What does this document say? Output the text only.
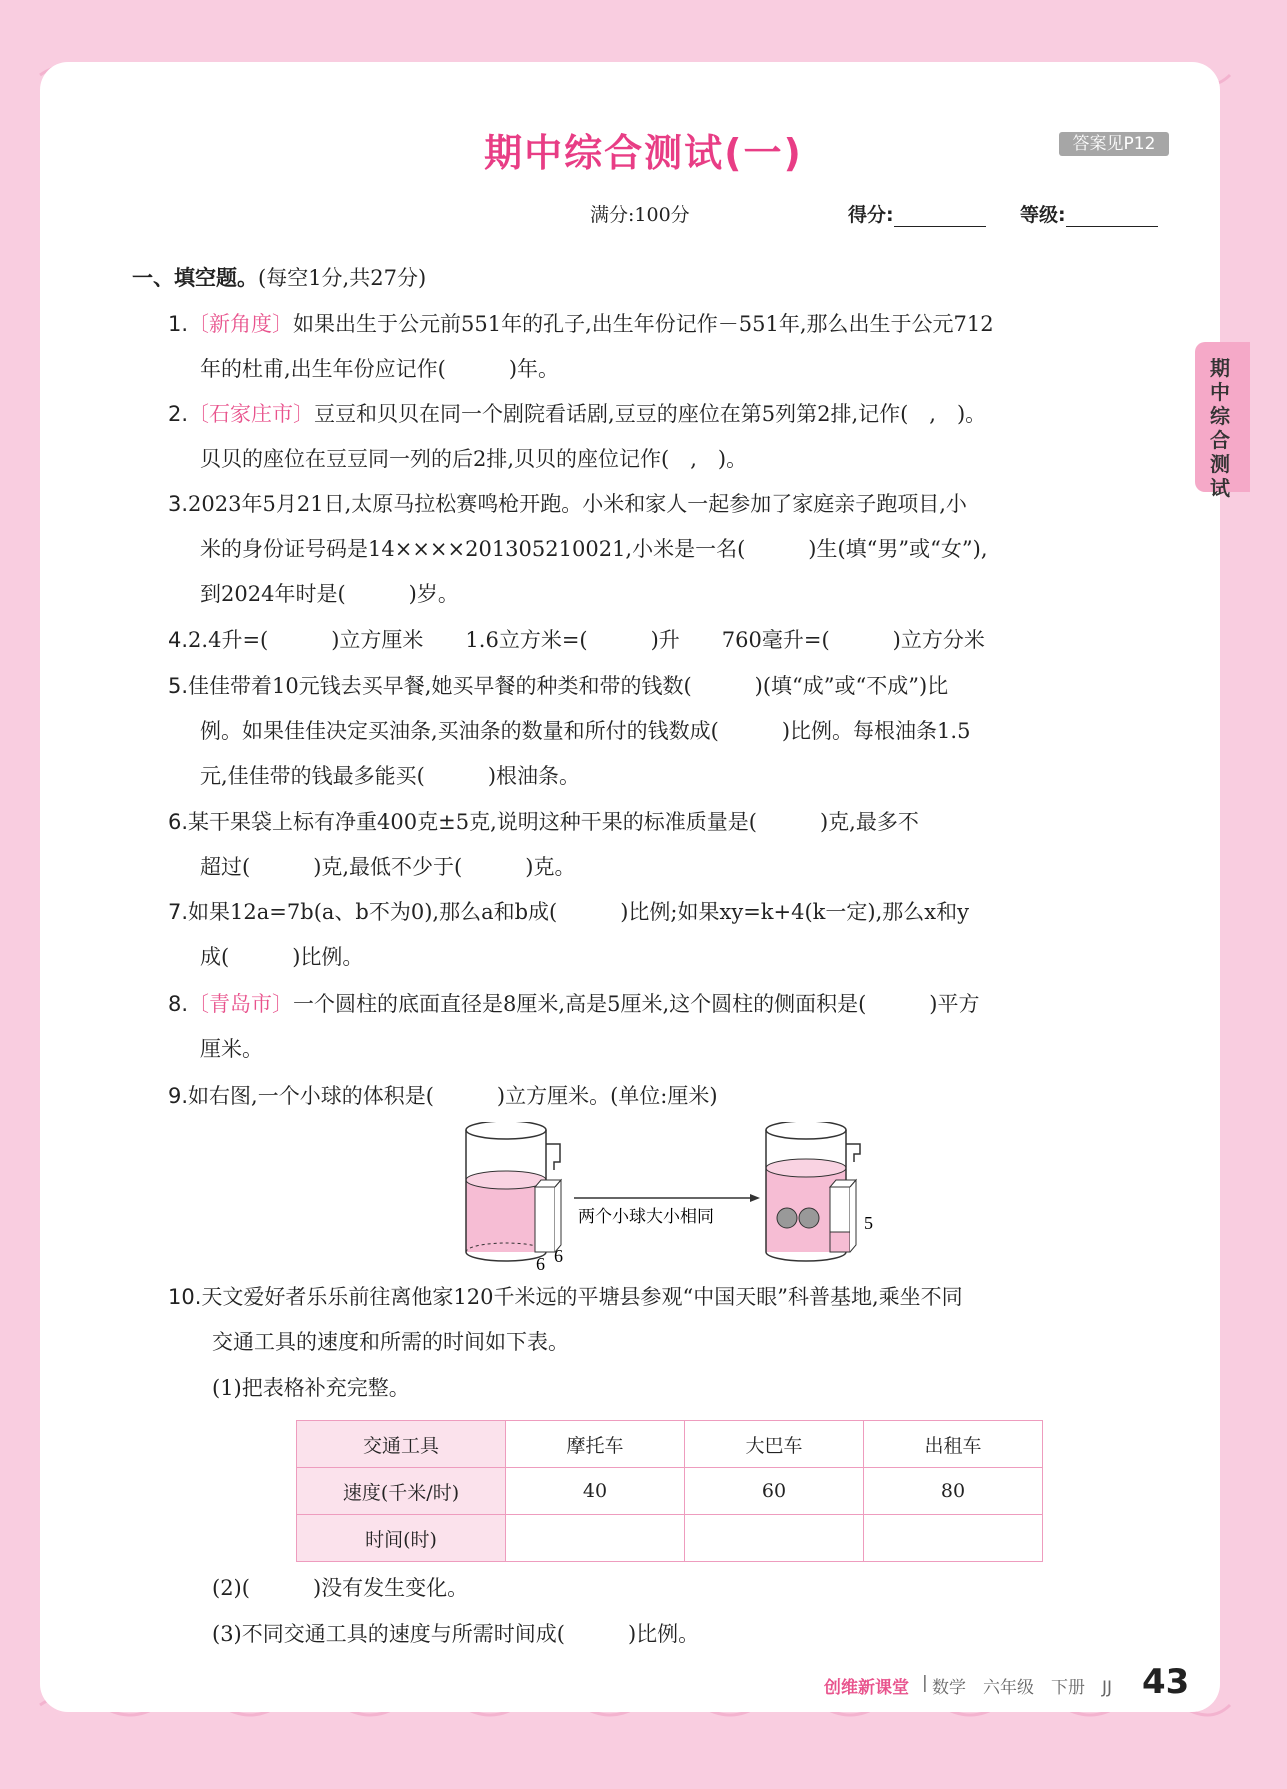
期中综合测试(一)	答案见P12
满分:100分	得分:	等级:
期中综合测试
一、填空题。(每空1分,共27分)
1.〔新角度〕如果出生于公元前551年的孔子,出生年份记作－551年,那么出生于公元712
年的杜甫,出生年份应记作(　　　)年。
2.〔石家庄市〕豆豆和贝贝在同一个剧院看话剧,豆豆的座位在第5列第2排,记作(　,　)。
贝贝的座位在豆豆同一列的后2排,贝贝的座位记作(　,　)。
3.2023年5月21日,太原马拉松赛鸣枪开跑。小米和家人一起参加了家庭亲子跑项目,小
米的身份证号码是14××××201305210021,小米是一名(　　　)生(填“男”或“女”),
到2024年时是(　　　)岁。
4.2.4升=(　　　)立方厘米　　1.6立方米=(　　　)升　　760毫升=(　　　)立方分米
5.佳佳带着10元钱去买早餐,她买早餐的种类和带的钱数(　　　)(填“成”或“不成”)比
例。如果佳佳决定买油条,买油条的数量和所付的钱数成(　　　)比例。每根油条1.5
元,佳佳带的钱最多能买(　　　)根油条。
6.某干果袋上标有净重400克±5克,说明这种干果的标准质量是(　　　)克,最多不
超过(　　　)克,最低不少于(　　　)克。
7.如果12a=7b(a、b不为0),那么a和b成(　　　)比例;如果xy=k+4(k一定),那么x和y
成(　　　)比例。
8.〔青岛市〕一个圆柱的底面直径是8厘米,高是5厘米,这个圆柱的侧面积是(　　　)平方
厘米。
9.如右图,一个小球的体积是(　　　)立方厘米。(单位:厘米)
6 6
两个小球大小相同	5
10.天文爱好者乐乐前往离他家120千米远的平塘县参观“中国天眼”科普基地,乘坐不同
交通工具的速度和所需的时间如下表。
(1)把表格补充完整。
交通工具	摩托车	大巴车	出租车
速度(千米/时)	40	60	80
时间(时)			
(2)(　　　)没有发生变化。
(3)不同交通工具的速度与所需时间成(　　　)比例。
创维新课堂 | 数学　六年级　下册　JJ 43
